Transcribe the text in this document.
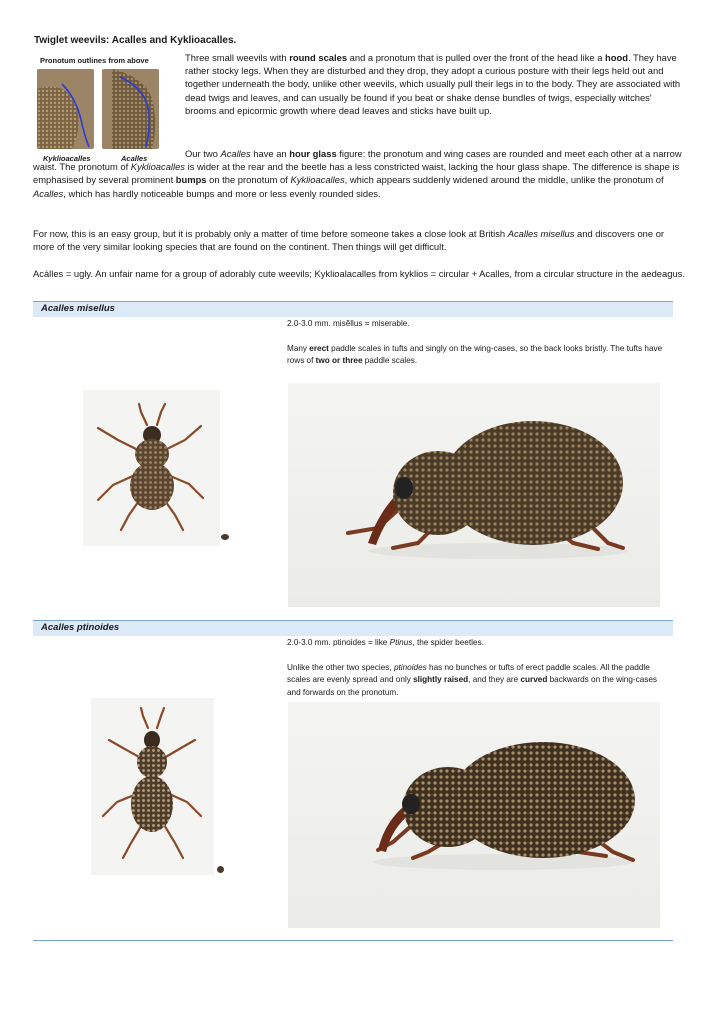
Twiglet weevils: Acalles and Kyklioacalles.
Pronotum outlines from above
Kyklioacalles	Acalles
Three small weevils with round scales and a pronotum that is pulled over the front of the head like a hood. They have rather stocky legs. When they are disturbed and they drop, they adopt a curious posture with their legs held out and together underneath the body, unlike other weevils, which usually pull their legs in to the body. They are associated with dead twigs and leaves, and can usually be found if you beat or shake dense bundles of twigs, especially witches' brooms and epicormic growth where dead leaves and sticks have built up.
Our two Acalles have an hour glass figure: the pronotum and wing cases are rounded and meet each other at a narrow waist. The pronotum of Kyklioacalles is wider at the rear and the beetle has a less constricted waist, lacking the hour glass shape. The difference is shape is emphasised by several prominent bumps on the pronotum of Kyklioacalles, which appears suddenly widened around the middle, unlike the pronotum of Acalles, which has hardly noticeable bumps and more or less evenly rounded sides.
For now, this is an easy group, but it is probably only a matter of time before someone takes a close look at British Acalles misellus and discovers one or more of the very similar looking species that are found on the continent. Then things will get difficult.
Acálles = ugly. An unfair name for a group of adorably cute weevils; Kyklioalacalles from kyklios = circular + Acalles, from a circular structure in the aedeagus.
Acalles misellus
2.0-3.0 mm. misĕllus = miserable.
Many erect paddle scales in tufts and singly on the wing-cases, so the back looks bristly. The tufts have rows of two or three paddle scales.
Acalles ptinoides
2.0-3.0 mm. ptinoides = like Ptinus, the spider beetles.
Unlike the other two species, ptinoides has no bunches or tufts of erect paddle scales. All the paddle scales are evenly spread and only slightly raised, and they are curved backwards on the wing-cases and forwards on the pronotum.
